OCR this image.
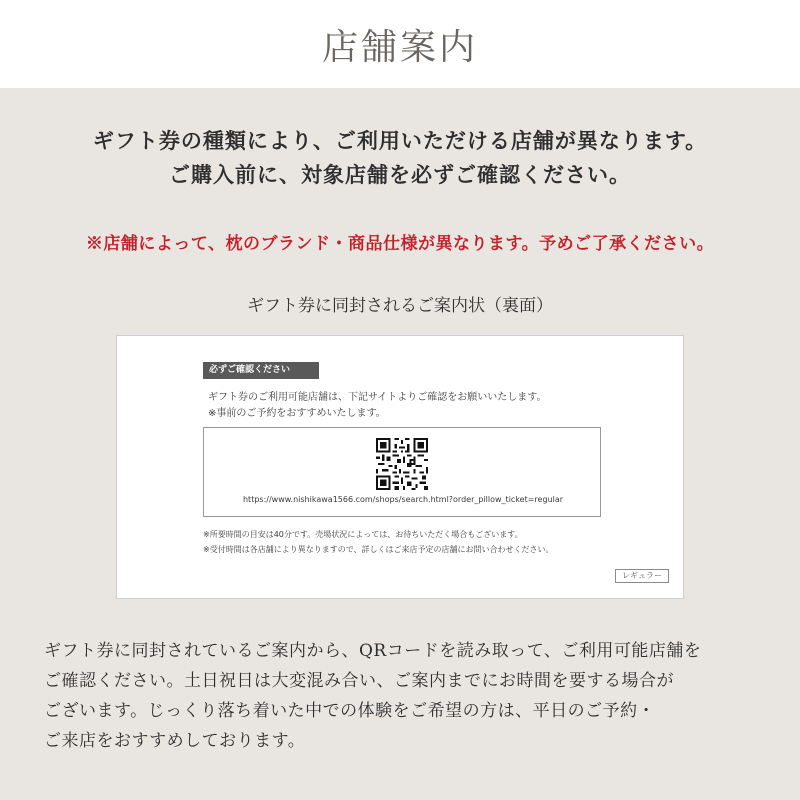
店舗案内
ギフト券の種類により、ご利用いただける店舗が異なります。
ご購入前に、対象店舗を必ずご確認ください。
※店舗によって、枕のブランド・商品仕様が異なります。予めご了承ください。
ギフト券に同封されるご案内状（裏面）
必ずご確認ください
ギフト券のご利用可能店舗は、下記サイトよりご確認をお願いいたします。
※事前のご予約をおすすめいたします。
https://www.nishikawa1566.com/shops/search.html?order_pillow_ticket=regular
※所要時間の目安は40分です。売場状況によっては、お待ちいただく場合もございます。
※受付時間は各店舗により異なりますので、詳しくはご来店予定の店舗にお問い合わせください。
レギュラー
ギフト券に同封されているご案内から、QRコードを読み取って、ご利用可能店舗を
ご確認ください。土日祝日は大変混み合い、ご案内までにお時間を要する場合が
ございます。じっくり落ち着いた中での体験をご希望の方は、平日のご予約・
ご来店をおすすめしております。
